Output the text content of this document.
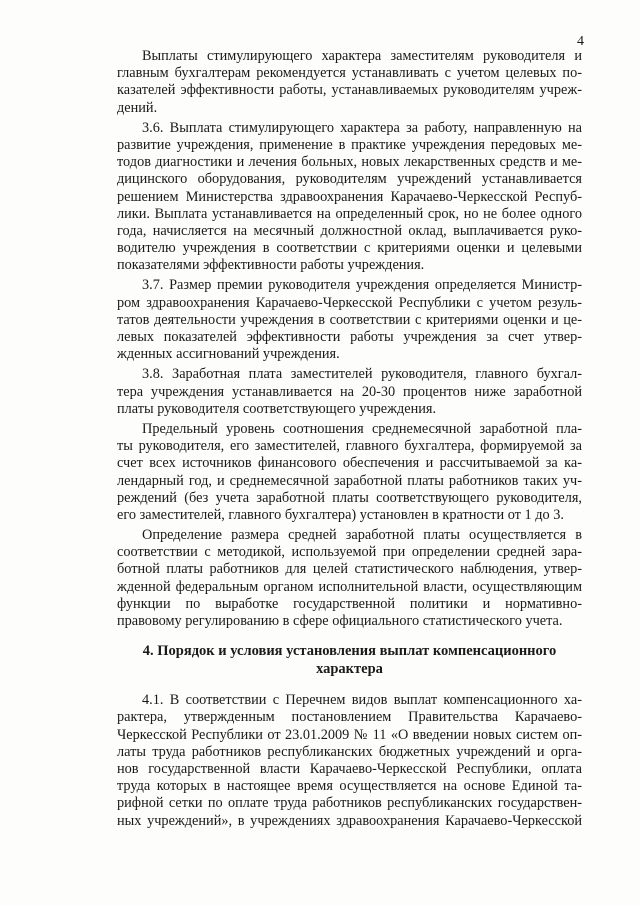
4
Выплаты стимулирующего характера заместителям руководителя и
главным бухгалтерам рекомендуется устанавливать с учетом целевых по-
казателей эффективности работы, устанавливаемых руководителям учреж-
дений.
3.6. Выплата стимулирующего характера за работу, направленную на
развитие учреждения, применение в практике учреждения передовых ме-
тодов диагностики и лечения больных, новых лекарственных средств и ме-
дицинского оборудования, руководителям учреждений устанавливается
решением Министерства здравоохранения Карачаево-Черкесской Респуб-
лики. Выплата устанавливается на определенный срок, но не более одного
года, начисляется на месячный должностной оклад, выплачивается руко-
водителю учреждения в соответствии с критериями оценки и целевыми
показателями эффективности работы учреждения.
3.7. Размер премии руководителя учреждения определяется Министр-
ром здравоохранения Карачаево-Черкесской Республики с учетом резуль-
татов деятельности учреждения в соответствии с критериями оценки и це-
левых показателей эффективности работы учреждения за счет утвер-
жденных ассигнований учреждения.
3.8. Заработная плата заместителей руководителя, главного бухгал-
тера учреждения устанавливается на 20-30 процентов ниже заработной
платы руководителя соответствующего учреждения.
Предельный уровень соотношения среднемесячной заработной пла-
ты руководителя, его заместителей, главного бухгалтера, формируемой за
счет всех источников финансового обеспечения и рассчитываемой за ка-
лендарный год, и среднемесячной заработной платы работников таких уч-
реждений (без учета заработной платы соответствующего руководителя,
его заместителей, главного бухгалтера) установлен в кратности от 1 до 3.
Определение размера средней заработной платы осуществляется в
соответствии с методикой, используемой при определении средней зара-
ботной платы работников для целей статистического наблюдения, утвер-
жденной федеральным органом исполнительной власти, осуществляющим
функции по выработке государственной политики и нормативно-
правовому регулированию в сфере официального статистического учета.
4. Порядок и условия установления выплат компенсационного
характера
4.1. В соответствии с Перечнем видов выплат компенсационного ха-
рактера, утвержденным постановлением Правительства Карачаево-
Черкесской Республики от 23.01.2009 № 11 «О введении новых систем оп-
латы труда работников республиканских бюджетных учреждений и орга-
нов государственной власти Карачаево-Черкесской Республики, оплата
труда которых в настоящее время осуществляется на основе Единой та-
рифной сетки по оплате труда работников республиканских государствен-
ных учреждений», в учреждениях здравоохранения Карачаево-Черкесской
